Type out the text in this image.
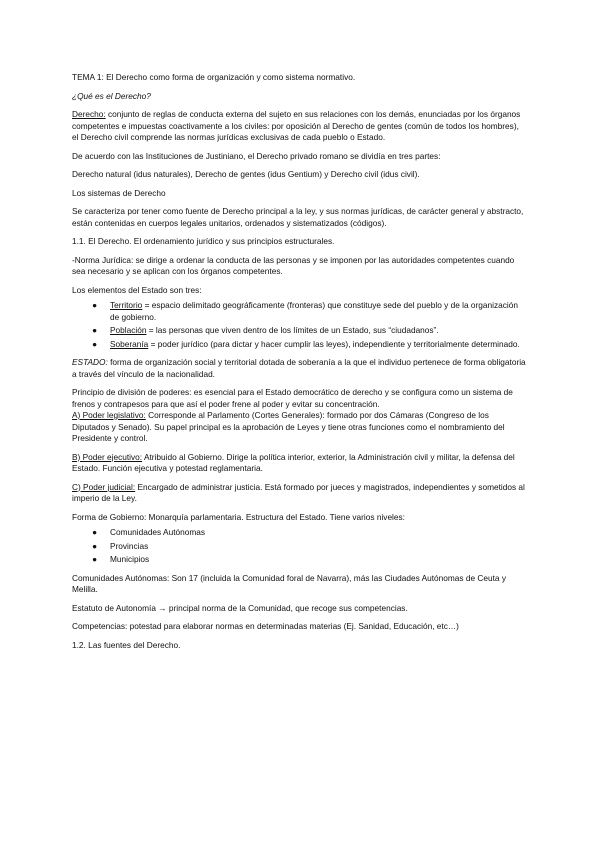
TEMA 1: El Derecho como forma de organización y como sistema normativo.

¿Qué es el Derecho?

Derecho: conjunto de reglas de conducta externa del sujeto en sus relaciones con los demás, enunciadas por los órganos competentes e impuestas coactivamente a los civiles: por oposición al Derecho de gentes (común de todos los hombres), el Derecho civil comprende las normas jurídicas exclusivas de cada pueblo o Estado.

De acuerdo con las Instituciones de Justiniano, el Derecho privado romano se dividía en tres partes:

Derecho natural (idus naturales), Derecho de gentes (idus Gentium) y Derecho civil (idus civil).

Los sistemas de Derecho

Se caracteriza por tener como fuente de Derecho principal a la ley, y sus normas jurídicas, de carácter general y abstracto, están contenidas en cuerpos legales unitarios, ordenados y sistematizados (códigos).

1.1. El Derecho. El ordenamiento jurídico y sus principios estructurales.

-Norma Jurídica: se dirige a ordenar la conducta de las personas y se imponen por las autoridades competentes cuando sea necesario y se aplican con los órganos competentes.

Los elementos del Estado son tres:

● Territorio = espacio delimitado geográficamente (fronteras) que constituye sede del pueblo y de la organización de gobierno.
● Población = las personas que viven dentro de los límites de un Estado, sus “ciudadanos”.
● Soberanía = poder jurídico (para dictar y hacer cumplir las leyes), independiente y territorialmente determinado.

ESTADO: forma de organización social y territorial dotada de soberanía a la que el individuo pertenece de forma obligatoria a través del vínculo de la nacionalidad.

Principio de división de poderes: es esencial para el Estado democrático de derecho y se configura como un sistema de frenos y contrapesos para que así el poder frene al poder y evitar su concentración.

A) Poder legislativo: Corresponde al Parlamento (Cortes Generales): formado por dos Cámaras (Congreso de los Diputados y Senado). Su papel principal es la aprobación de Leyes y tiene otras funciones como el nombramiento del Presidente y control.

B) Poder ejecutivo: Atribuido al Gobierno. Dirige la política interior, exterior, la Administración civil y militar, la defensa del Estado. Función ejecutiva y potestad reglamentaria.

C) Poder judicial: Encargado de administrar justicia. Está formado por jueces y magistrados, independientes y sometidos al imperio de la Ley.

Forma de Gobierno: Monarquía parlamentaria. Estructura del Estado. Tiene varios niveles:

● Comunidades Autónomas
● Provincias
● Municipios

Comunidades Autónomas: Son 17 (incluida la Comunidad foral de Navarra), más las Ciudades Autónomas de Ceuta y Melilla.

Estatuto de Autonomía → principal norma de la Comunidad, que recoge sus competencias.

Competencias: potestad para elaborar normas en determinadas materias (Ej. Sanidad, Educación, etc…)

1.2. Las fuentes del Derecho.
